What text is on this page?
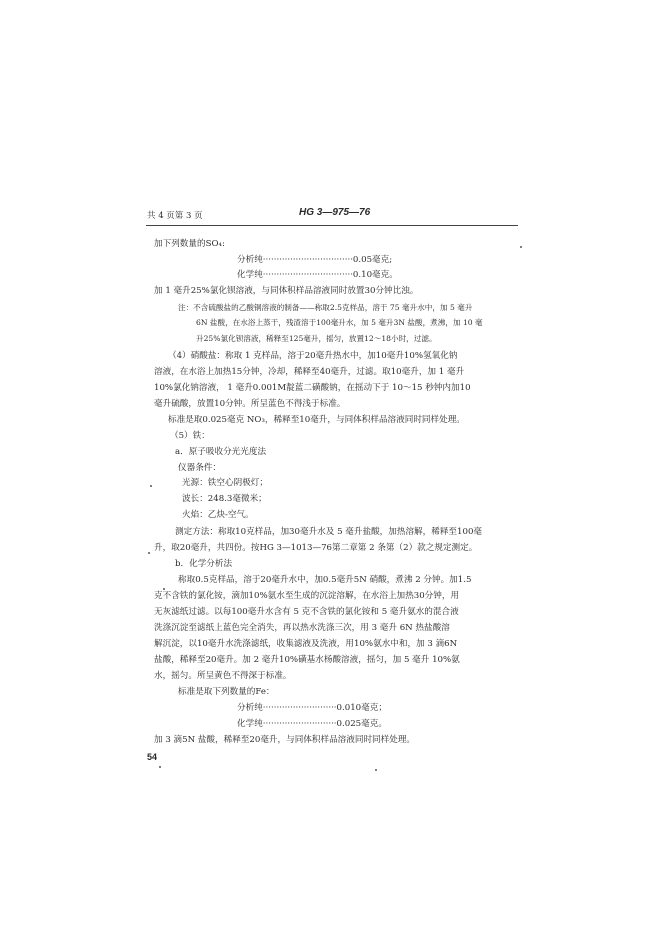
共 4 页第 3 页	HG 3—975—76
加下列数量的SO₄:
分析纯·································0.05毫克;
化学纯·································0.10毫克。
加 1 毫升25%氯化钡溶液，与同体积样品溶液同时放置30分钟比浊。
注：不含硫酸盐的乙酸铜溶液的制备——称取2.5克样品，溶于 75 毫升水中，加 5 毫升
6N 盐酸，在水浴上蒸干，残渣溶于100毫升水，加 5 毫升3N 盐酸，煮沸，加 10 毫
升25%氯化钡溶液，稀释至125毫升，摇匀，放置12～18小时，过滤。
（4）硝酸盐：称取 1 克样品，溶于20毫升热水中，加10毫升10%氢氧化钠
溶液，在水浴上加热15分钟，冷却，稀释至40毫升，过滤。取10毫升，加 1 毫升
10%氯化钠溶液， 1 毫升0.001M靛蓝二磺酸钠，在摇动下于 10～15 秒钟内加10
毫升硫酸，放置10分钟。所呈蓝色不得浅于标准。
标准是取0.025毫克 NO₃，稀释至10毫升，与同体积样品溶液同时同样处理。
（5）铁：
a．原子吸收分光光度法
仪器条件：
光源：铁空心阴极灯；
波长：248.3毫微米；
火焰：乙炔-空气。
测定方法：称取10克样品，加30毫升水及 5 毫升盐酸，加热溶解，稀释至100毫
升，取20毫升，共四份。按HG 3—1013—76第二章第 2 条第（2）款之规定测定。
b．化学分析法
称取0.5克样品，溶于20毫升水中，加0.5毫升5N 硝酸，煮沸 2 分钟。加1.5
克不含铁的氯化铵，滴加10%氨水至生成的沉淀溶解，在水浴上加热30分钟，用
无灰滤纸过滤。以每100毫升水含有 5 克不含铁的氯化铵和 5 毫升氨水的混合液
洗涤沉淀至滤纸上蓝色完全消失，再以热水洗涤三次，用 3 毫升 6N 热盐酸溶
解沉淀，以10毫升水洗涤滤纸，收集滤液及洗液，用10%氨水中和，加 3 滴6N
盐酸，稀释至20毫升。加 2 毫升10%磺基水杨酸溶液，摇匀，加 5 毫升 10%氨
水，摇匀。所呈黄色不得深于标准。
标准是取下列数量的Fe：
分析纯···························0.010毫克；
化学纯···························0.025毫克。
加 3 滴5N 盐酸，稀释至20毫升，与同体积样品溶液同时同样处理。
54
